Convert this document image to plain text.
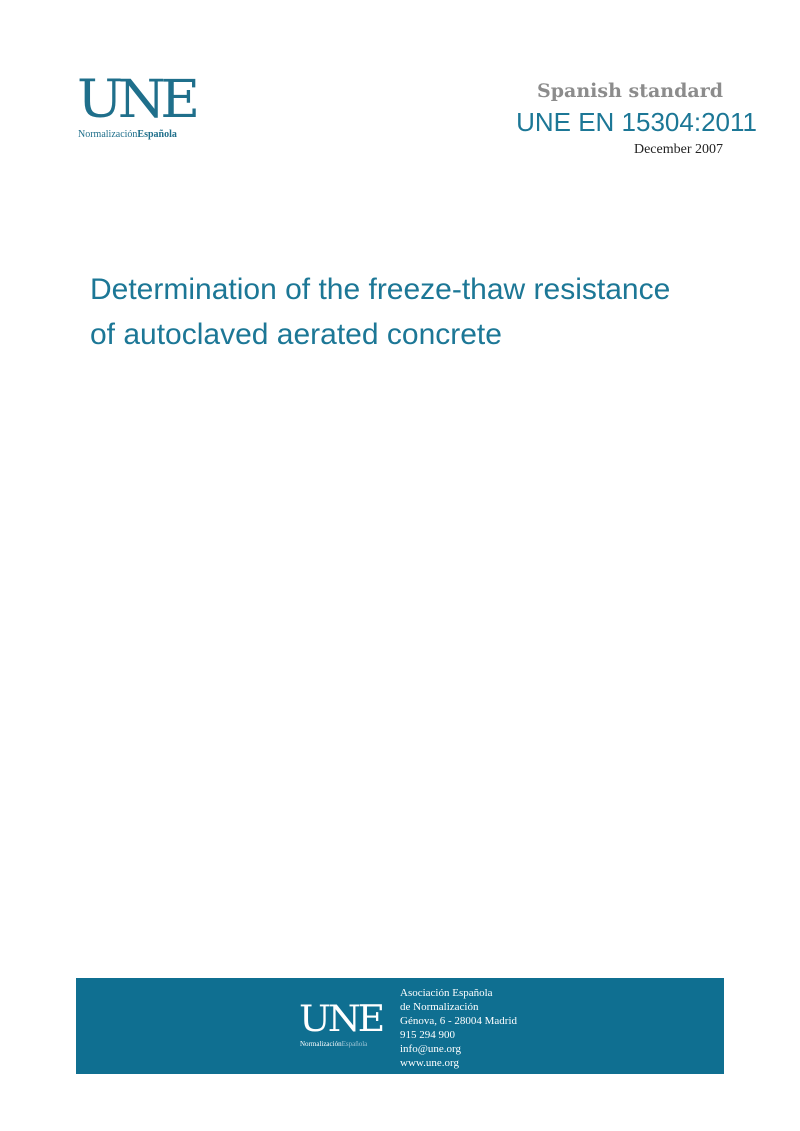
UNE
NormalizaciónEspañola
Spanish standard
UNE EN 15304:2011
December 2007
Determination of the freeze-thaw resistance
of autoclaved aerated concrete
UNE
NormalizaciónEspañola
Asociación Española
de Normalización
Génova, 6 - 28004 Madrid
915 294 900
info@une.org
www.une.org
